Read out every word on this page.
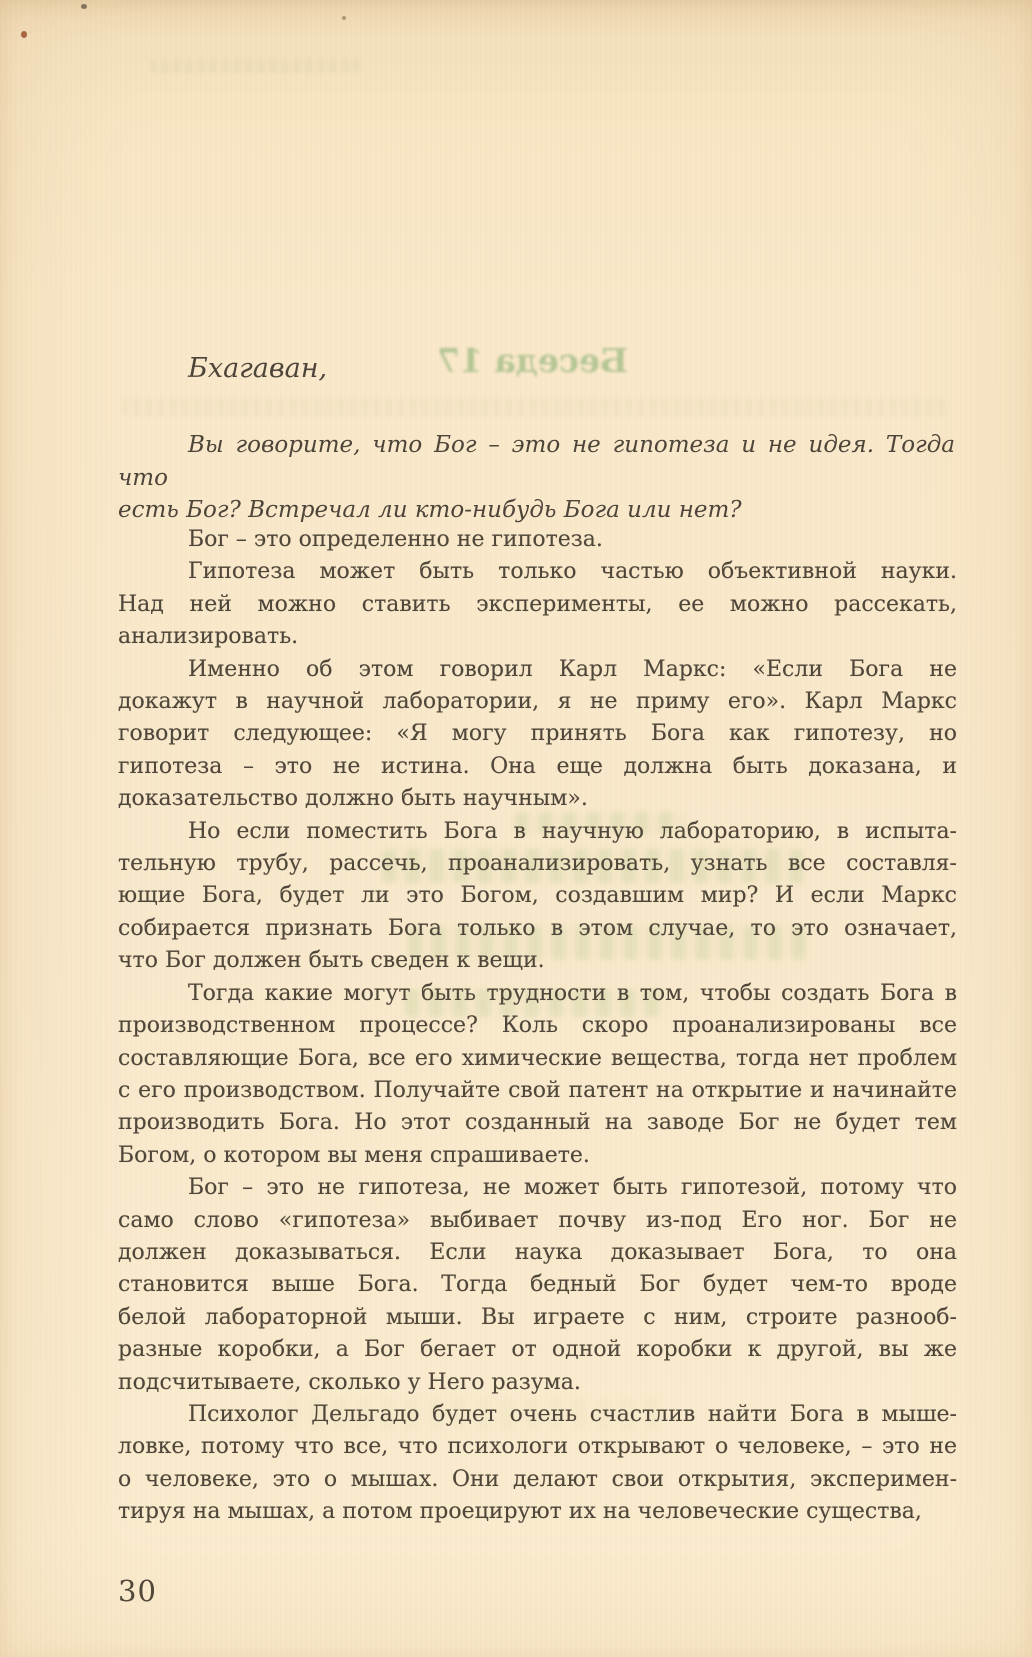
Беседа 17
Бхагаван,
Вы говорите, что Бог – это не гипотеза и не идея. Тогда что
есть Бог? Встречал ли кто-нибудь Бога или нет?
Бог – это определенно не гипотеза.
Гипотеза может быть только частью объективной науки.
Над ней можно ставить эксперименты, ее можно рассекать,
анализировать.
Именно об этом говорил Карл Маркс: «Если Бога не
докажут в научной лаборатории, я не приму его». Карл Маркс
говорит следующее: «Я могу принять Бога как гипотезу, но
гипотеза – это не истина. Она еще должна быть доказана, и
доказательство должно быть научным».
Но если поместить Бога в научную лабораторию, в испыта-
тельную трубу, рассечь, проанализировать, узнать все составля-
ющие Бога, будет ли это Богом, создавшим мир? И если Маркс
собирается признать Бога только в этом случае, то это означает,
что Бог должен быть сведен к вещи.
Тогда какие могут быть трудности в том, чтобы создать Бога в
производственном процессе? Коль скоро проанализированы все
составляющие Бога, все его химические вещества, тогда нет проблем
с его производством. Получайте свой патент на открытие и начинайте
производить Бога. Но этот созданный на заводе Бог не будет тем
Богом, о котором вы меня спрашиваете.
Бог – это не гипотеза, не может быть гипотезой, потому что
само слово «гипотеза» выбивает почву из-под Его ног. Бог не
должен доказываться. Если наука доказывает Бога, то она
становится выше Бога. Тогда бедный Бог будет чем-то вроде
белой лабораторной мыши. Вы играете с ним, строите разнооб-
разные коробки, а Бог бегает от одной коробки к другой, вы же
подсчитываете, сколько у Него разума.
Психолог Дельгадо будет очень счастлив найти Бога в мыше-
ловке, потому что все, что психологи открывают о человеке, – это не
о человеке, это о мышах. Они делают свои открытия, эксперимен-
тируя на мышах, а потом проецируют их на человеческие существа,
30
